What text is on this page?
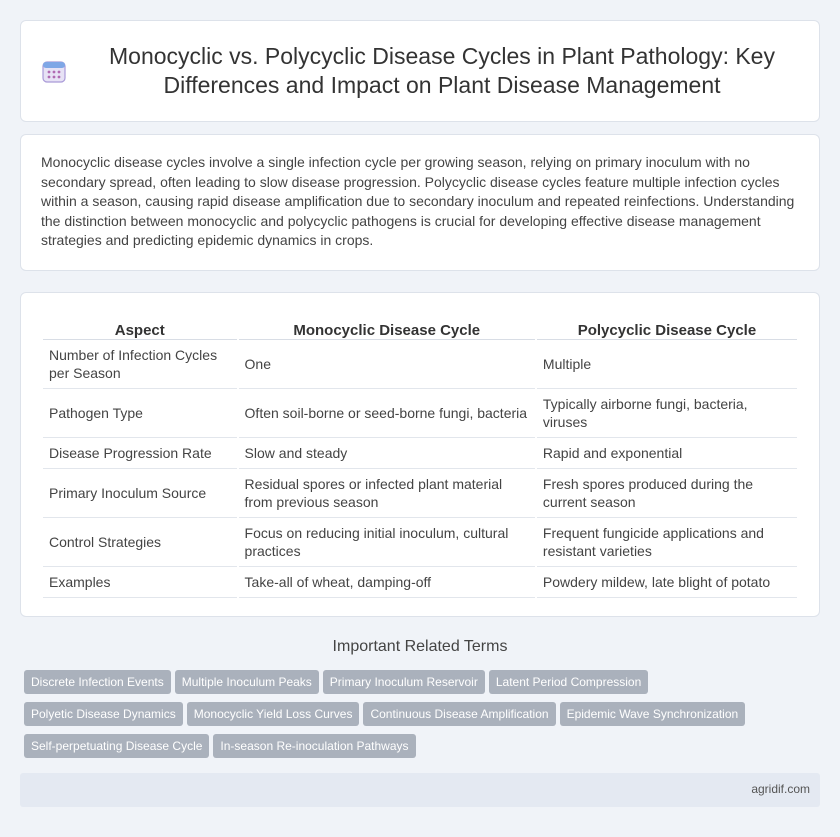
Monocyclic vs. Polycyclic Disease Cycles in Plant Pathology: Key Differences and Impact on Plant Disease Management

Monocyclic disease cycles involve a single infection cycle per growing season, relying on primary inoculum with no secondary spread, often leading to slow disease progression. Polycyclic disease cycles feature multiple infection cycles within a season, causing rapid disease amplification due to secondary inoculum and repeated reinfections. Understanding the distinction between monocyclic and polycyclic pathogens is crucial for developing effective disease management strategies and predicting epidemic dynamics in crops.

Aspect	Monocyclic Disease Cycle	Polycyclic Disease Cycle
Number of Infection Cycles per Season	One	Multiple
Pathogen Type	Often soil-borne or seed-borne fungi, bacteria	Typically airborne fungi, bacteria, viruses
Disease Progression Rate	Slow and steady	Rapid and exponential
Primary Inoculum Source	Residual spores or infected plant material from previous season	Fresh spores produced during the current season
Control Strategies	Focus on reducing initial inoculum, cultural practices	Frequent fungicide applications and resistant varieties
Examples	Take-all of wheat, damping-off	Powdery mildew, late blight of potato
Important Related Terms
Discrete Infection Events Multiple Inoculum Peaks Primary Inoculum Reservoir Latent Period Compression
Polyetic Disease Dynamics Monocyclic Yield Loss Curves Continuous Disease Amplification Epidemic Wave Synchronization
Self-perpetuating Disease Cycle In-season Re-inoculation Pathways
agridif.com
